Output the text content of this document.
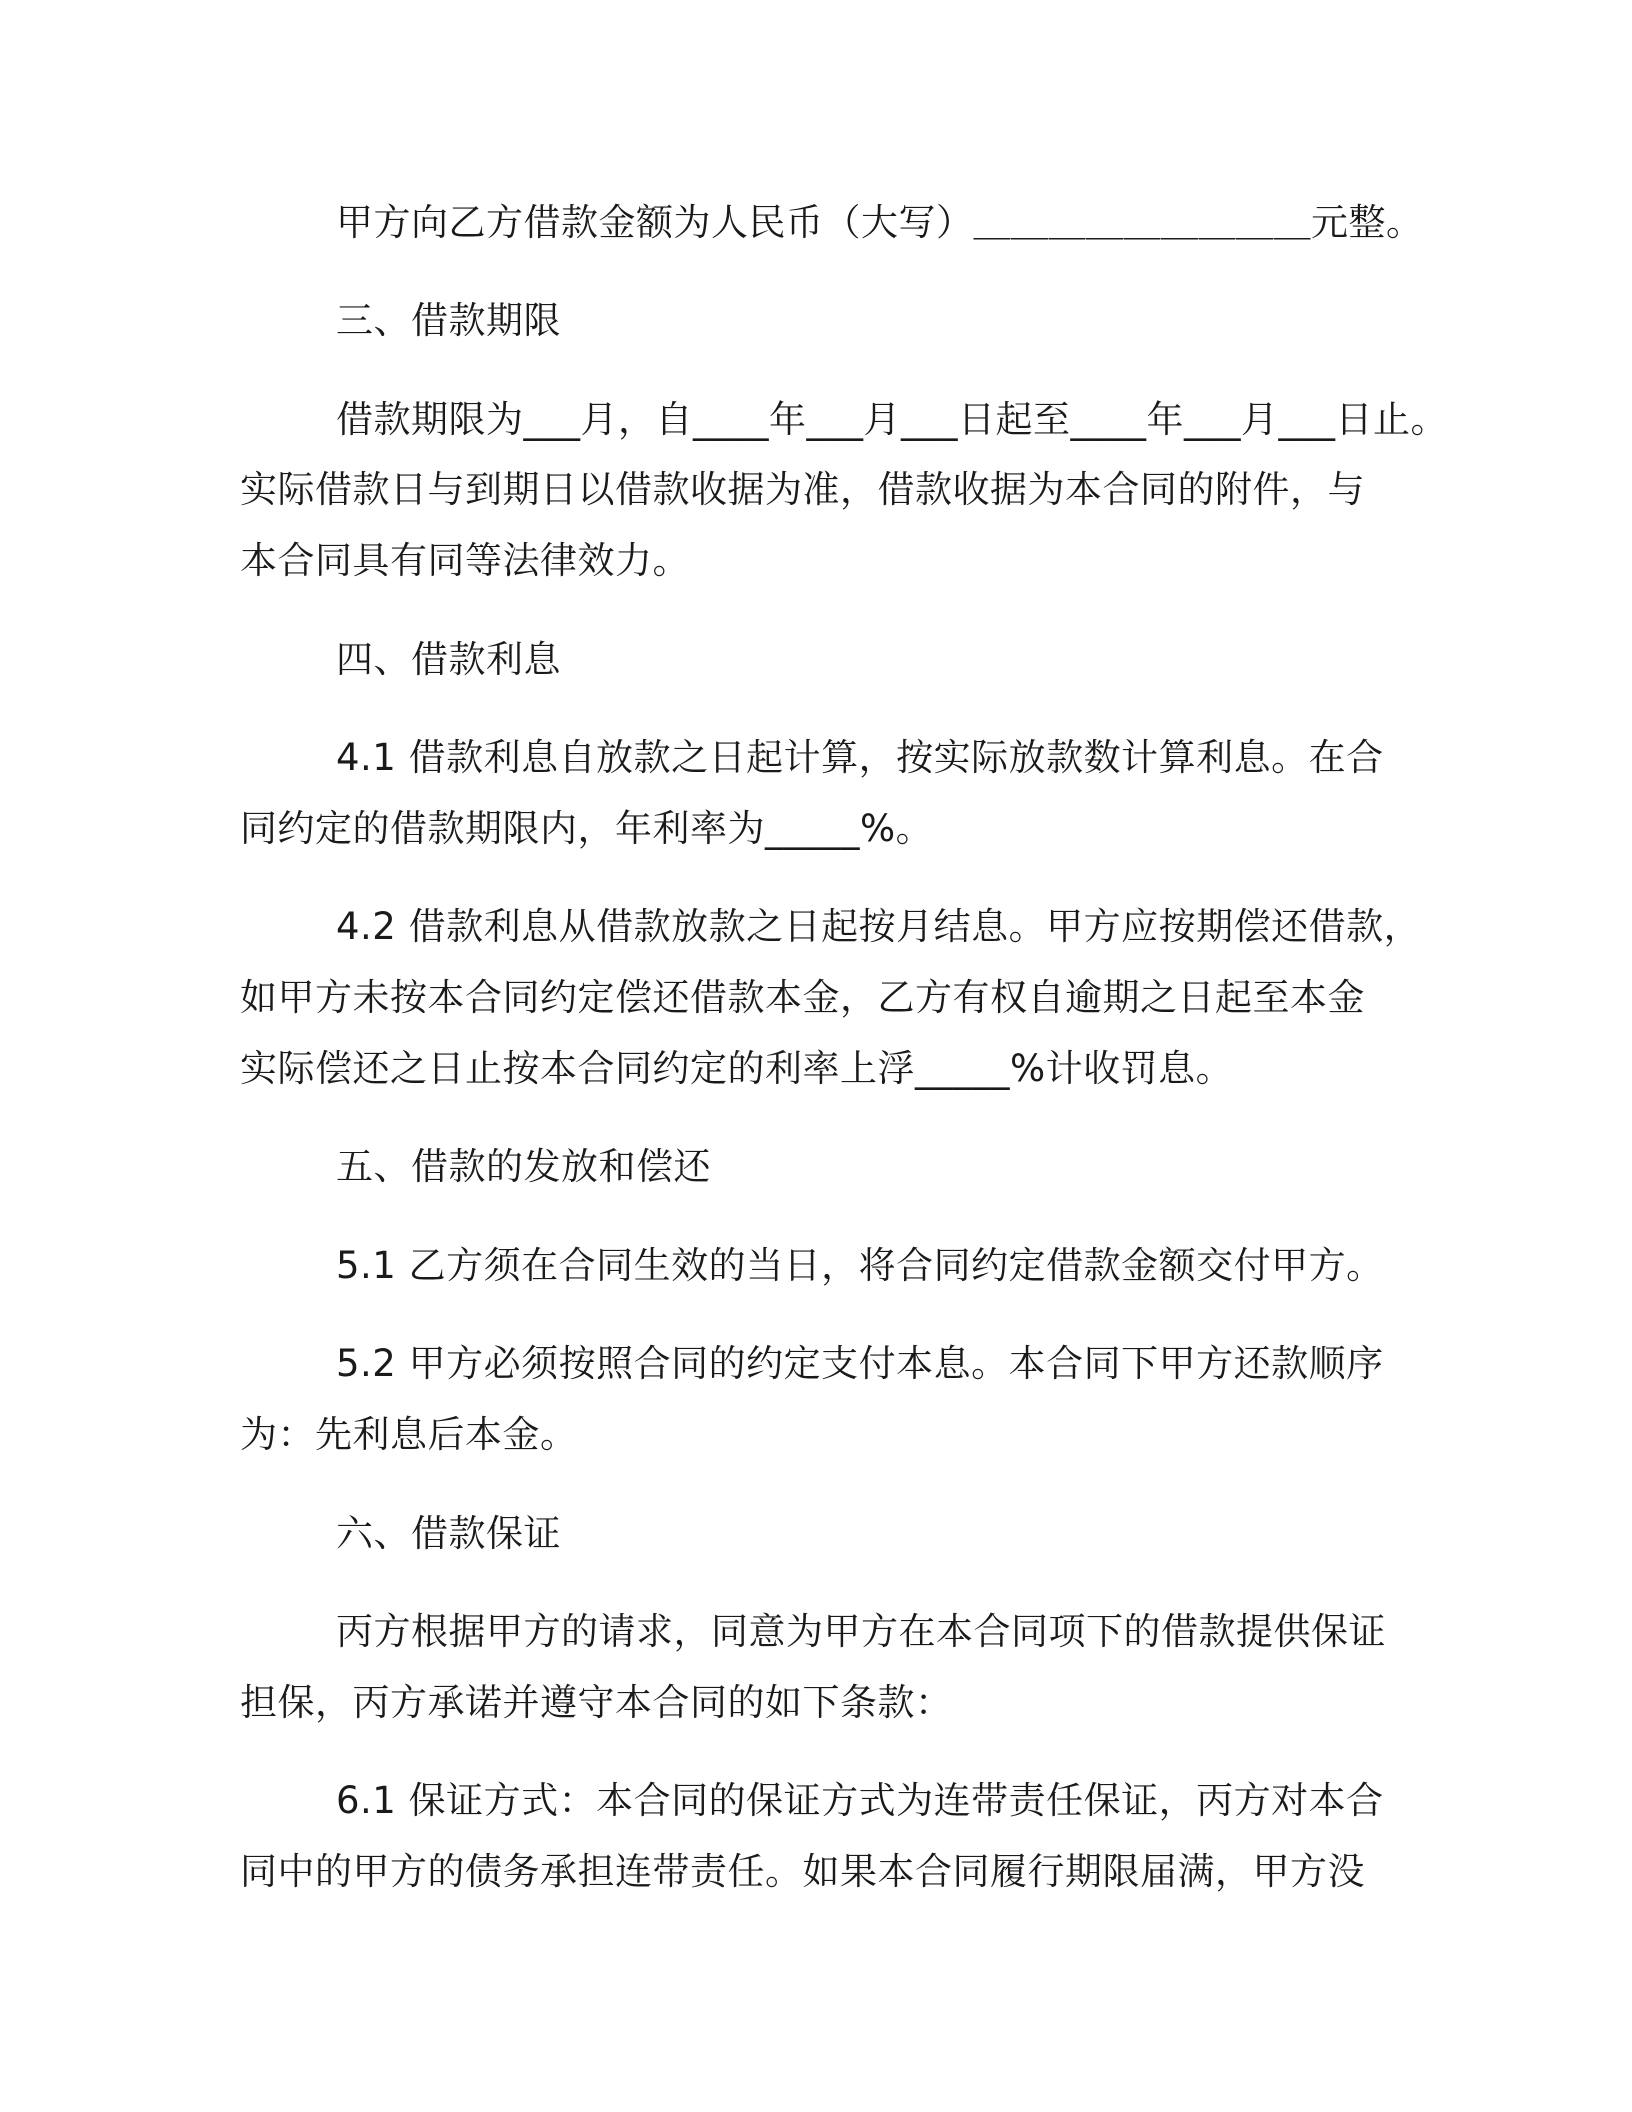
甲方向乙方借款金额为人民币（大写）＿＿＿＿＿＿＿＿＿元整。
三、借款期限
借款期限为___月，自____年___月___日起至____年___月___日止。
实际借款日与到期日以借款收据为准，借款收据为本合同的附件，与
本合同具有同等法律效力。
四、借款利息
4.1 借款利息自放款之日起计算，按实际放款数计算利息。在合
同约定的借款期限内，年利率为_____%。
4.2 借款利息从借款放款之日起按月结息。甲方应按期偿还借款，
如甲方未按本合同约定偿还借款本金，乙方有权自逾期之日起至本金
实际偿还之日止按本合同约定的利率上浮_____%计收罚息。
五、借款的发放和偿还
5.1 乙方须在合同生效的当日，将合同约定借款金额交付甲方。
5.2 甲方必须按照合同的约定支付本息。本合同下甲方还款顺序
为：先利息后本金。
六、借款保证
丙方根据甲方的请求，同意为甲方在本合同项下的借款提供保证
担保，丙方承诺并遵守本合同的如下条款：
6.1 保证方式：本合同的保证方式为连带责任保证，丙方对本合
同中的甲方的债务承担连带责任。如果本合同履行期限届满，甲方没
